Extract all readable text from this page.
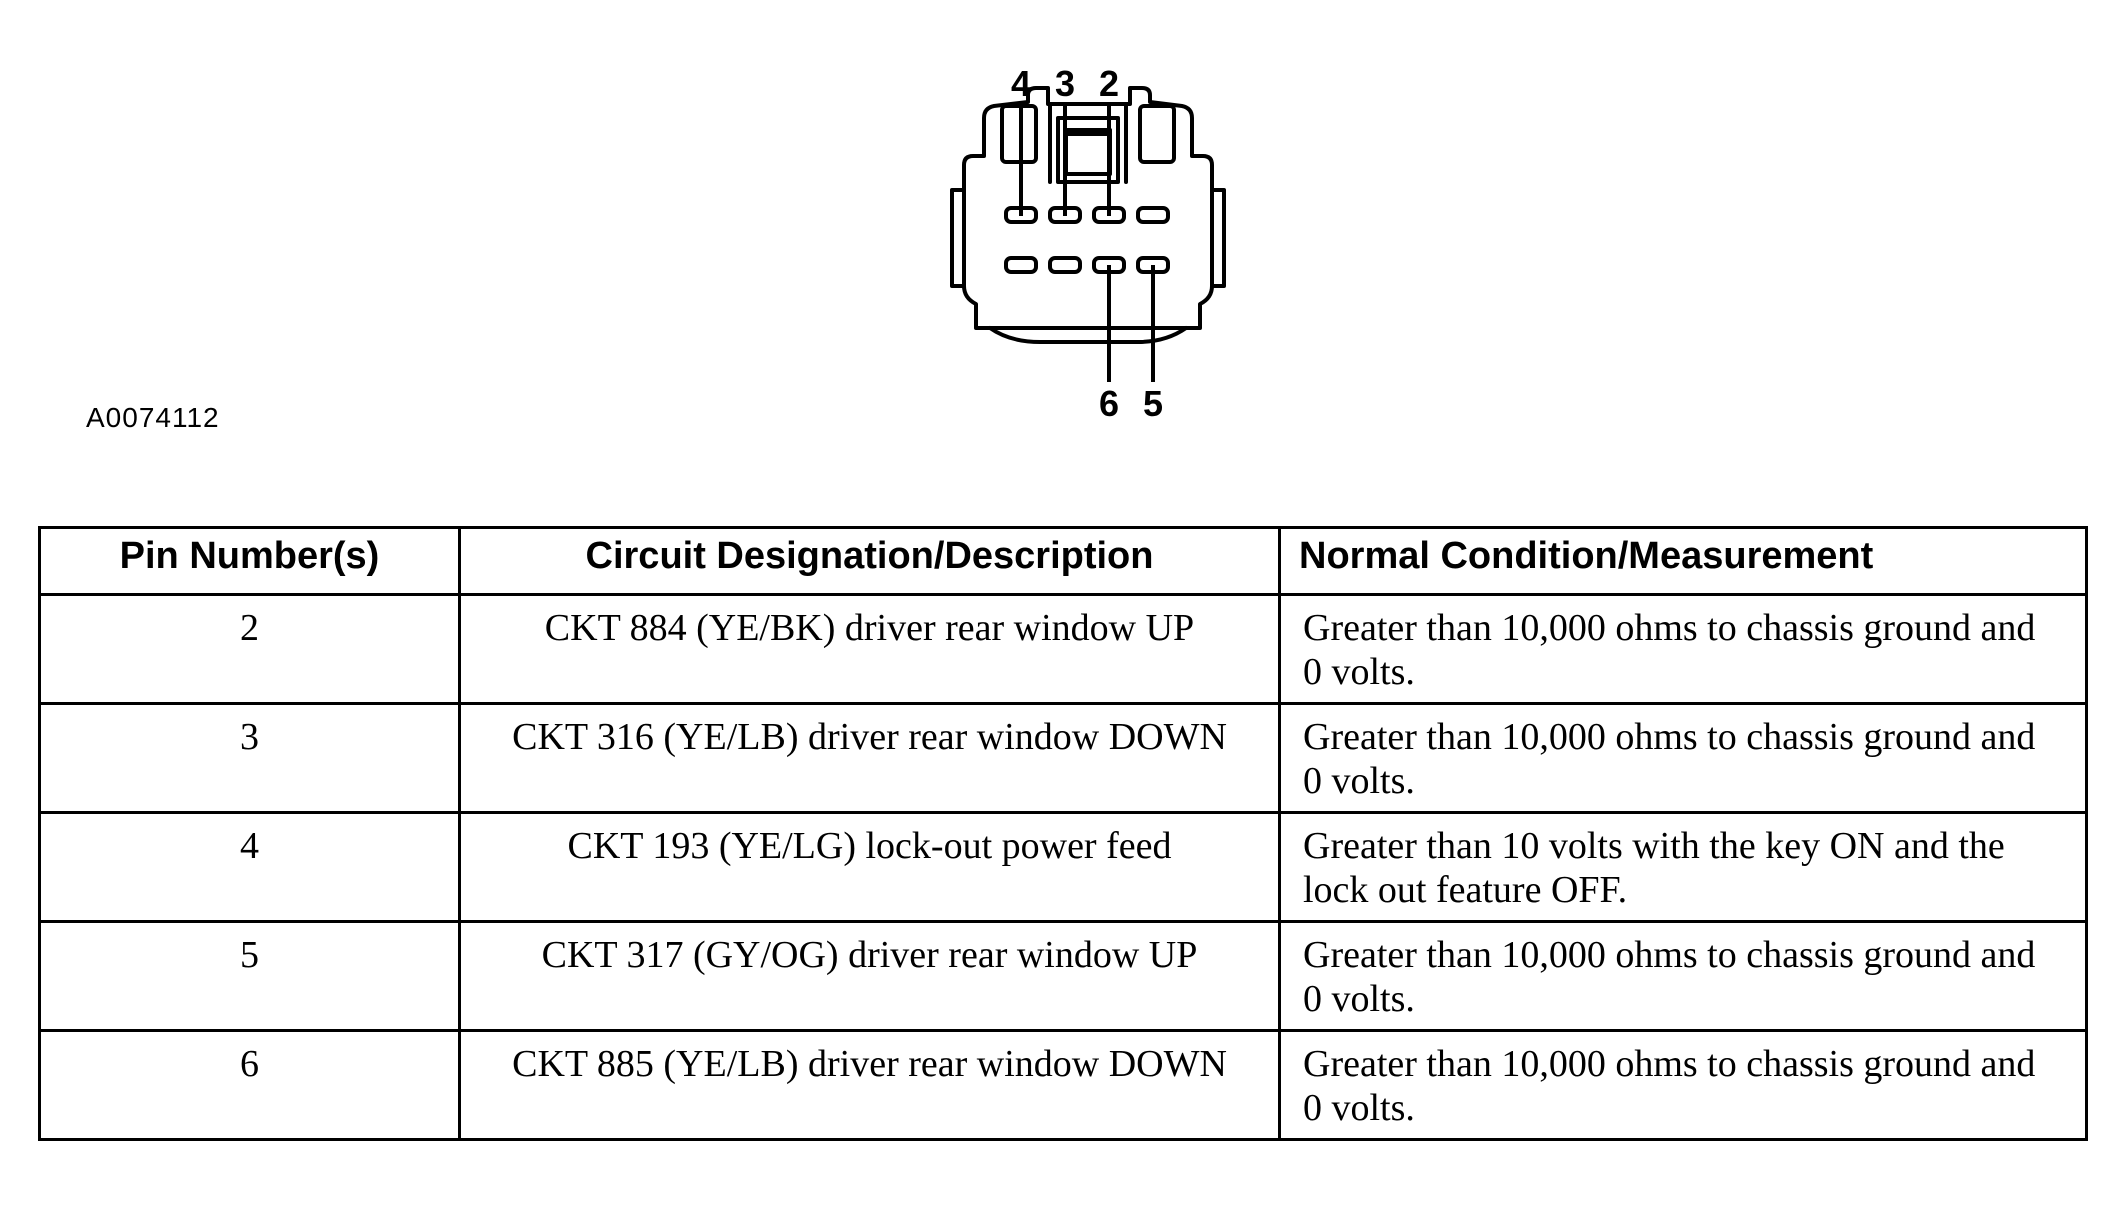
4 3 2
6 5
A0074112
Pin Number(s)	Circuit Designation/Description	Normal Condition/Measurement
2	CKT 884 (YE/BK) driver rear window UP	Greater than 10,000 ohms to chassis ground and 0 volts.
3	CKT 316 (YE/LB) driver rear window DOWN	Greater than 10,000 ohms to chassis ground and 0 volts.
4	CKT 193 (YE/LG) lock-out power feed	Greater than 10 volts with the key ON and the lock out feature OFF.
5	CKT 317 (GY/OG) driver rear window UP	Greater than 10,000 ohms to chassis ground and 0 volts.
6	CKT 885 (YE/LB) driver rear window DOWN	Greater than 10,000 ohms to chassis ground and 0 volts.
